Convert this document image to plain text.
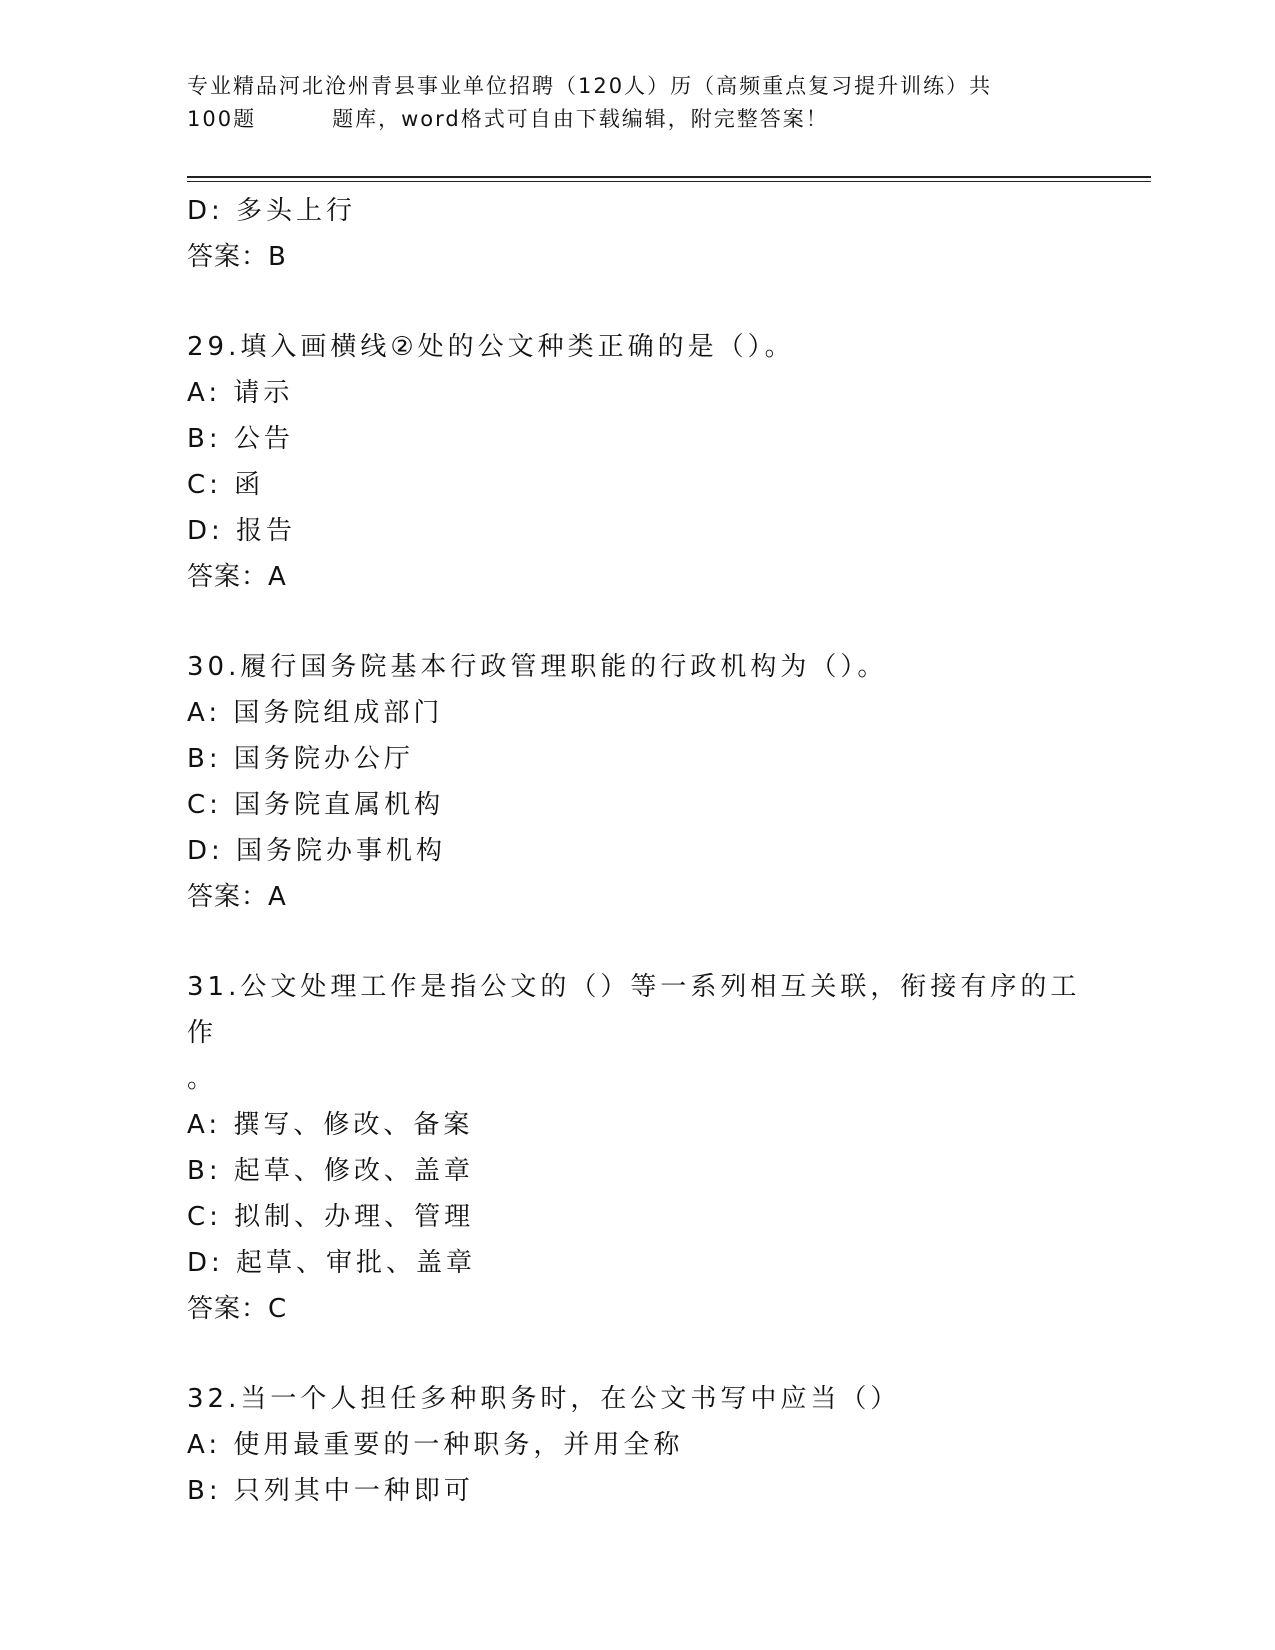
专业精品河北沧州青县事业单位招聘（120人）历（高频重点复习提升训练）共
100题	题库，word格式可自由下载编辑，附完整答案！
D: 多头上行
答案：B
29.填入画横线②处的公文种类正确的是（）。
A: 请示
B: 公告
C: 函
D: 报告
答案：A
30.履行国务院基本行政管理职能的行政机构为（）。
A: 国务院组成部门
B: 国务院办公厅
C: 国务院直属机构
D: 国务院办事机构
答案：A
31.公文处理工作是指公文的（）等一系列相互关联，衔接有序的工作
。
A: 撰写、修改、备案
B: 起草、修改、盖章
C: 拟制、办理、管理
D: 起草、审批、盖章
答案：C
32.当一个人担任多种职务时，在公文书写中应当（）
A: 使用最重要的一种职务，并用全称
B: 只列其中一种即可
